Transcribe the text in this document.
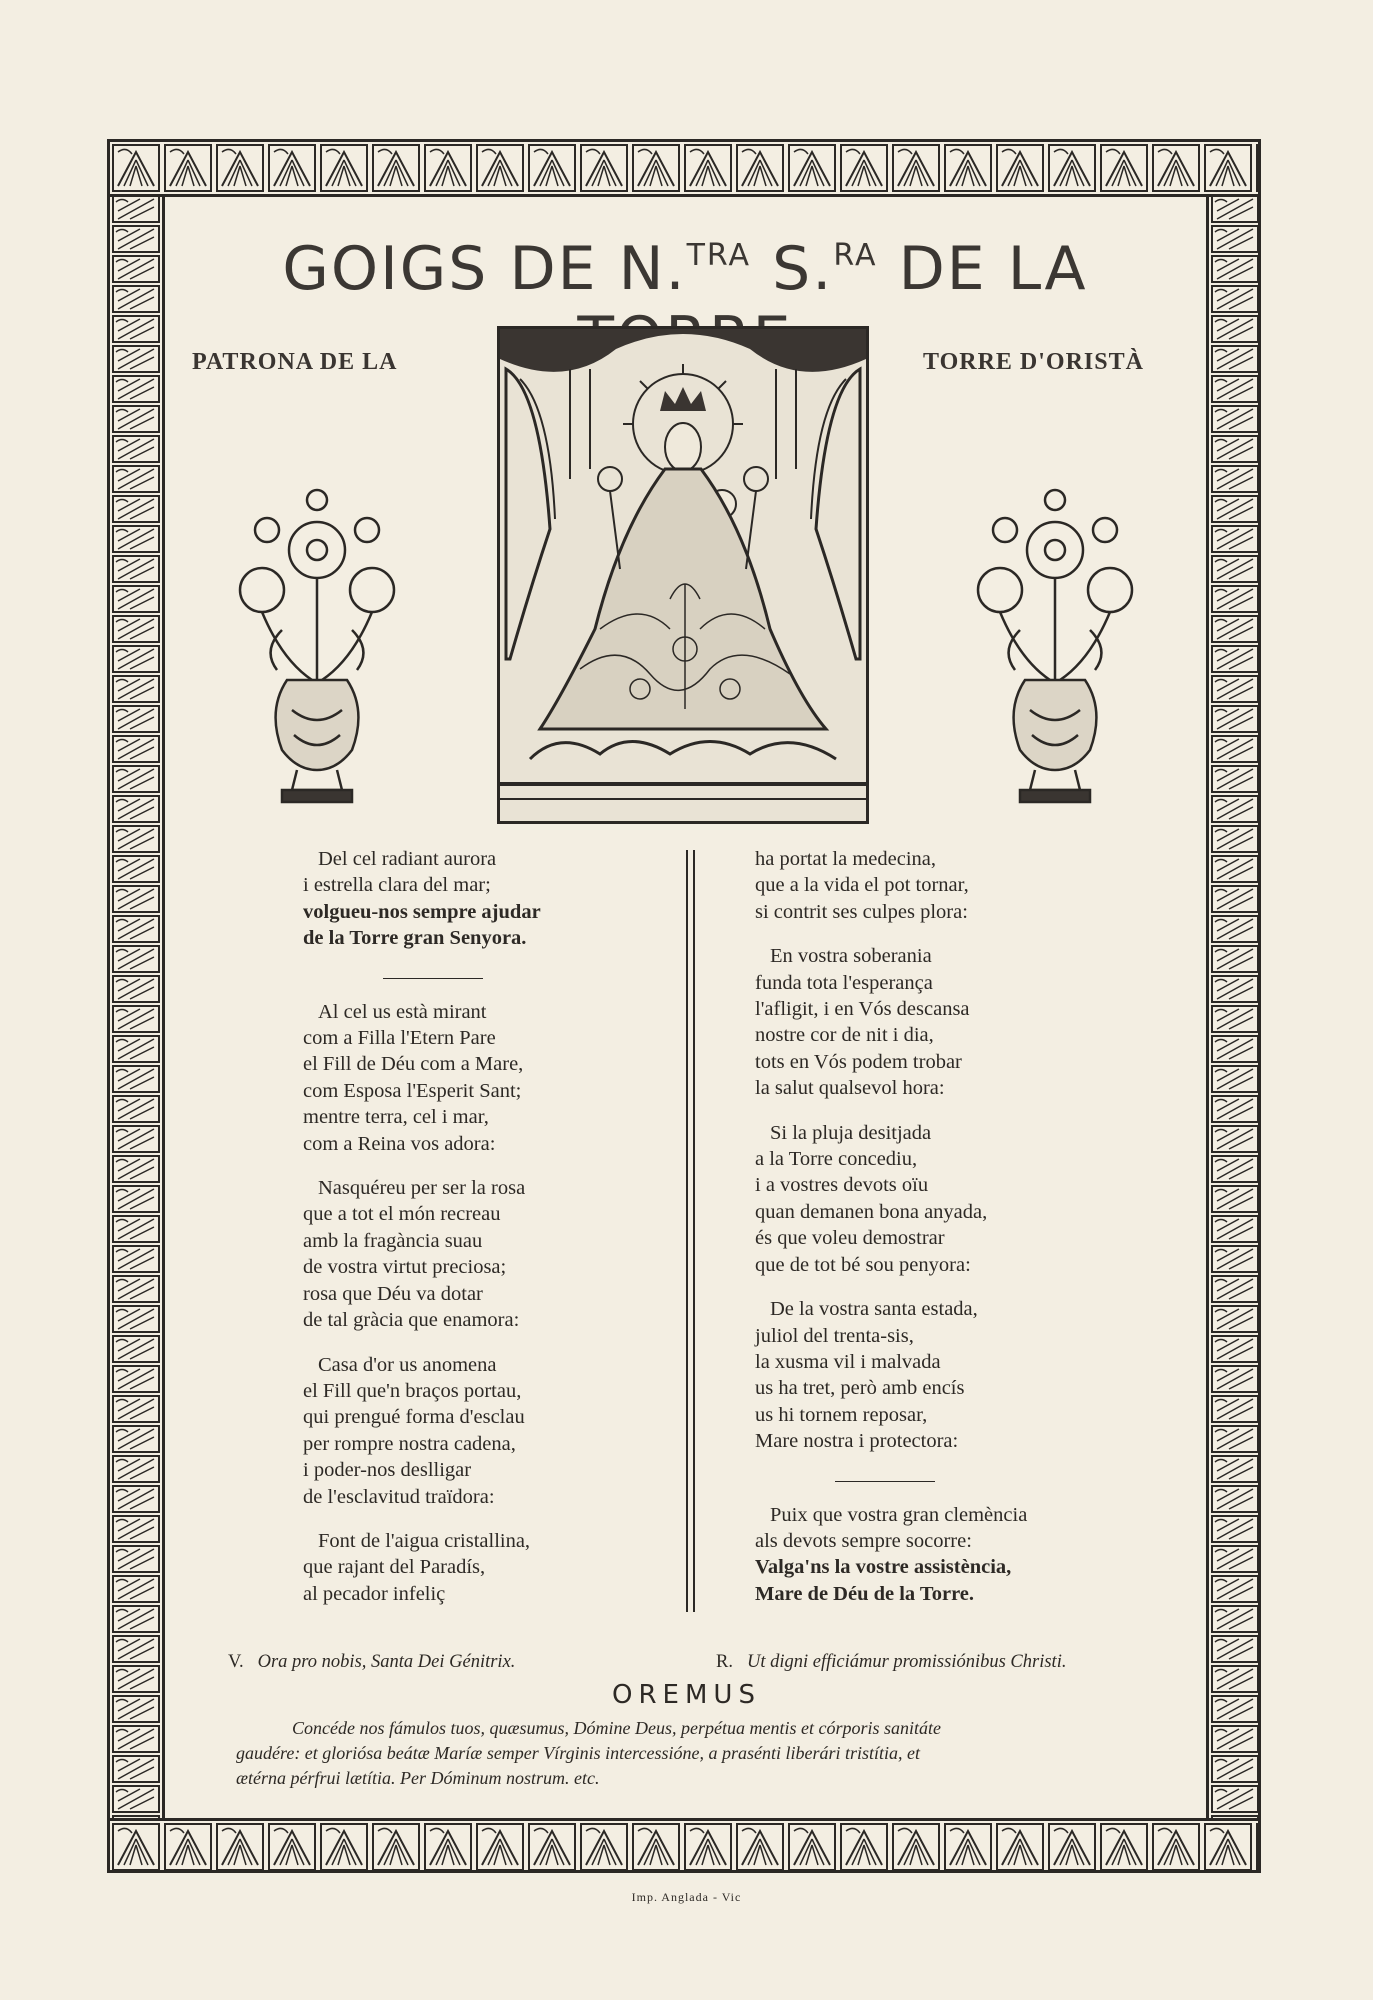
GOIGS DE N.$^{TRA}$ S.$^{RA}$ DE LA
PATRONA DE LA	TORRE D'ORISTÀ
Del cel radiant aurora
i estrella clara del mar;
volgueu-nos sempre ajudar
de la Torre gran Senyora.
Al cel us està mirant
com a Filla l'Etern Pare
el Fill de Déu com a Mare,
com Esposa l'Esperit Sant;
mentre terra, cel i mar,
com a Reina vos adora:
Nasquéreu per ser la rosa
que a tot el món recreau
amb la fragància suau
de vostra virtut preciosa;
rosa que Déu va dotar
de tal gràcia que enamora:
Casa d'or us anomena
el Fill que'n braços portau,
qui prengué forma d'esclau
per rompre nostra cadena,
i poder-nos deslligar
de l'esclavitud traïdora:
Font de l'aigua cristallina,
que rajant del Paradís,
al pecador infeliç
ha portat la medecina,
que a la vida el pot tornar,
si contrit ses culpes plora:
En vostra soberania
funda tota l'esperança
l'afligit, i en Vós descansa
nostre cor de nit i dia,
tots en Vós podem trobar
la salut qualsevol hora:
Si la pluja desitjada
a la Torre concediu,
i a vostres devots oïu
quan demanen bona anyada,
és que voleu demostrar
que de tot bé sou penyora:
De la vostra santa estada,
juliol del trenta-sis,
la xusma vil i malvada
us ha tret, però amb encís
us hi tornem reposar,
Mare nostra i protectora:
Puix que vostra gran clemència
als devots sempre socorre:
Valga'ns la vostre assistència,
Mare de Déu de la Torre.
V. Ora pro nobis, Santa Dei Génitrix.	R. Ut digni efficiámur promissiónibus Christi.
OREMUS
Concéde nos fámulos tuos, quæsumus, Dómine Deus, perpétua mentis et córporis sanitáte
gaudére: et gloriósa beátæ Maríæ semper Vírginis intercessióne, a prasénti liberári tristítia, et
ætérna pérfrui lætítia. Per Dóminum nostrum. etc.
Imp. Anglada - Vic
